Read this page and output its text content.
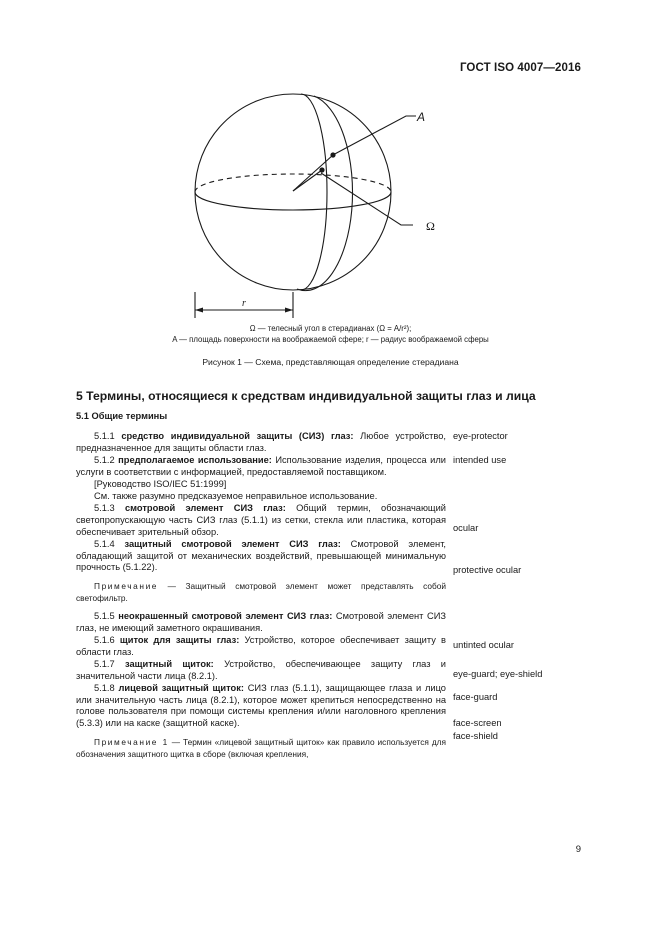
ГОСТ ISO 4007—2016
A
Ω
r
Ω — телесный угол в стерадианах (Ω = A/r²);
A — площадь поверхности на воображаемой сфере; r — радиус воображаемой сферы
Рисунок 1 — Схема, представляющая определение стерадиана
5 Термины, относящиеся к средствам индивидуальной защиты глаз и лица
5.1 Общие термины

5.1.1 средство индивидуальной защиты (СИЗ) глаз: Любое устройство, предназначенное для защиты области глаз.

5.1.2 предполагаемое использование: Использование изделия, процесса или услуги в соответствии с информацией, предоставляемой поставщиком.

[Руководство ISO/IEC 51:1999]

См. также разумно предсказуемое неправильное использование.

5.1.3 смотровой элемент СИЗ глаз: Общий термин, обозначающий светопропускающую часть СИЗ глаз (5.1.1) из сетки, стекла или пластика, которая обеспечивает зрительный обзор.

5.1.4 защитный смотровой элемент СИЗ глаз: Смотровой элемент, обладающий защитой от механических воздействий, превышающей минимальную прочность (5.1.22).

Примечание — Защитный смотровой элемент может представлять собой светофильтр.

5.1.5 неокрашенный смотровой элемент СИЗ глаз: Смотровой элемент СИЗ глаз, не имеющий заметного окрашивания.

5.1.6 щиток для защиты глаз: Устройство, которое обеспечивает защиту в области глаз.

5.1.7 защитный щиток: Устройство, обеспечивающее защиту глаз и значительной части лица (8.2.1).

5.1.8 лицевой защитный щиток: СИЗ глаз (5.1.1), защищающее глаза и лицо или значительную часть лица (8.2.1), которое может крепиться непосредственно на голове пользователя при помощи системы крепления и/или наголовного крепления (5.3.3) или на каске (защитной каске).

Примечание 1 — Термин «лицевой защитный щиток» как правило используется для обозначения защитного щитка в сборе (включая крепления,

eye-protector
intended use
ocular
protective ocular
untinted ocular
eye-guard; eye-shield
face-guard
face-screen
face-shield
9
